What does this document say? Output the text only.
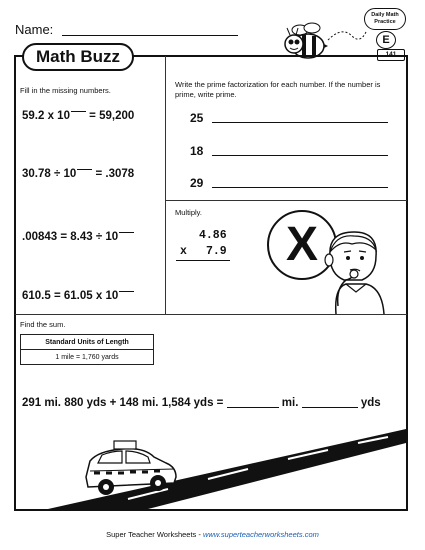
Name:
Math Buzz
Daily Math
Practice
E
141
Fill in the missing numbers.
59.2 x 10 = 59,200
30.78 ÷ 10 = .3078
.00843 = 8.43 ÷ 10
610.5 = 61.05 x 10
Write the prime factorization for each number. If the number is prime, write prime.
25
18
29
Multiply.
4.86
x 7.9	X
Find the sum.
Standard Units of Length
1 mile = 1,760 yards
291 mi. 880 yds + 148 mi. 1,584 yds =	mi.	yds
Super Teacher Worksheets - www.superteacherworksheets.com
